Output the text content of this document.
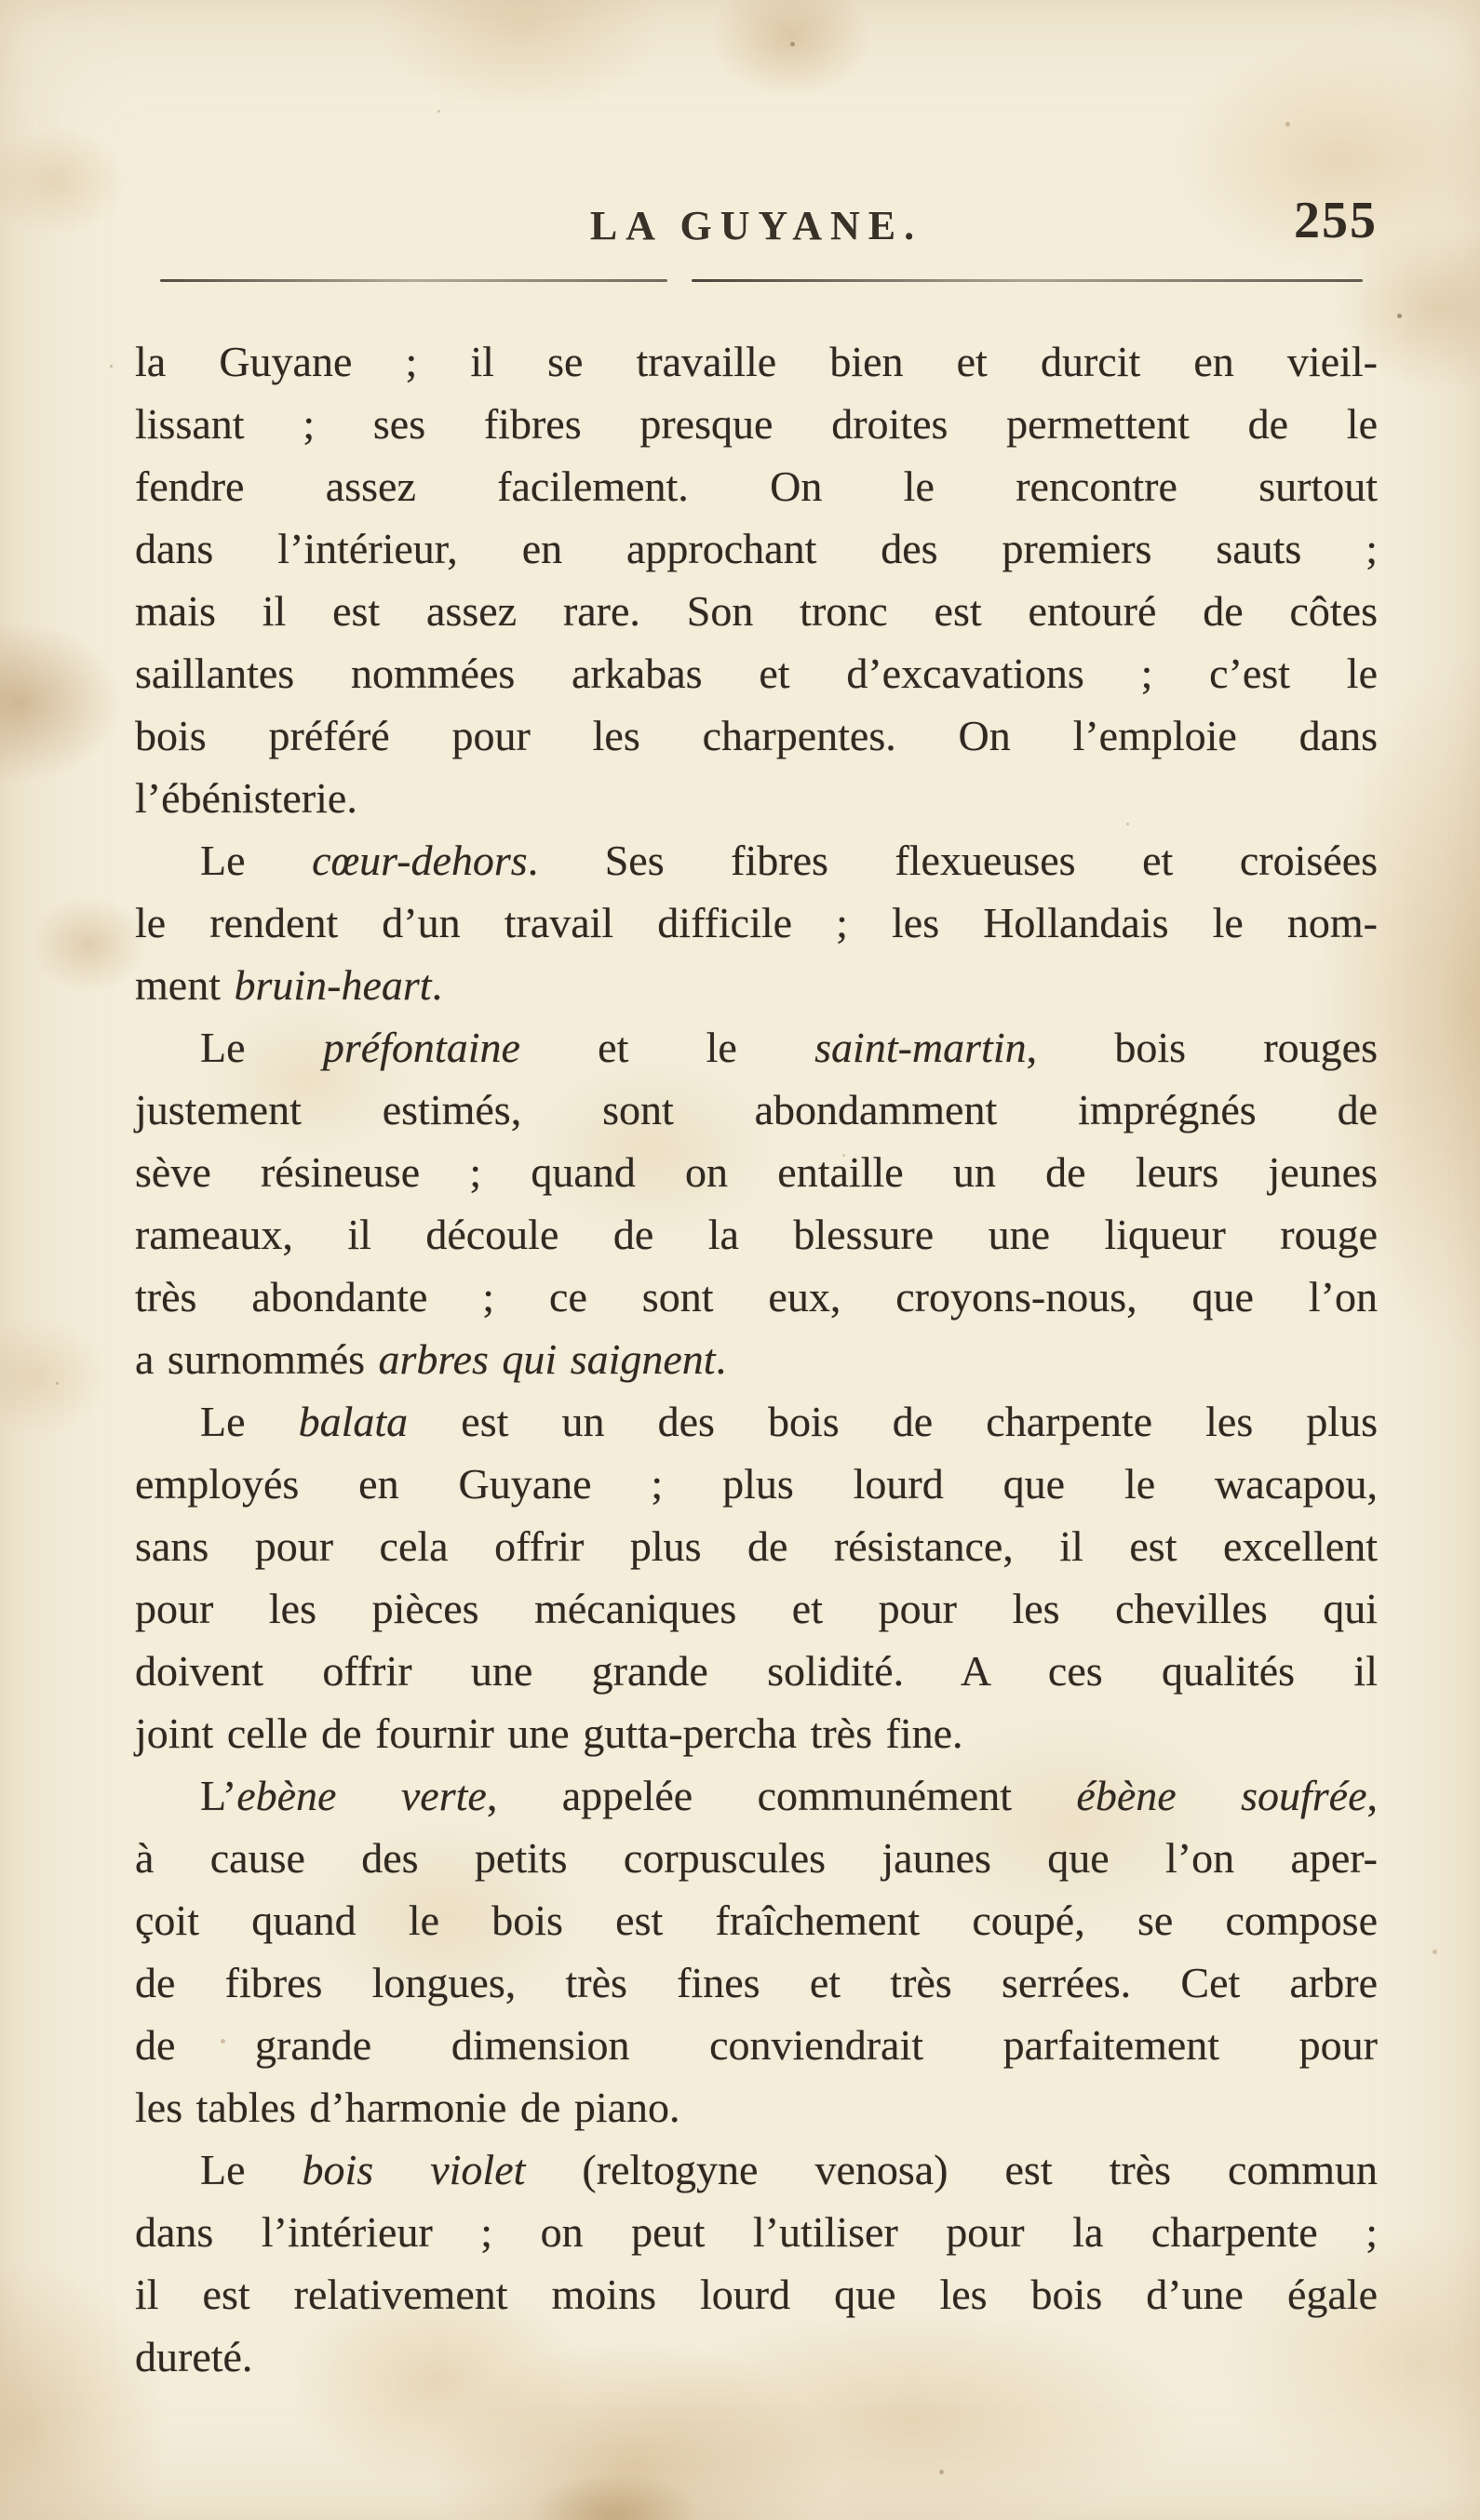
LA GUYANE.	255
la Guyane ; il se travaille bien et durcit en vieil-
lissant ; ses fibres presque droites permettent de le
fendre assez facilement. On le rencontre surtout
dans l’intérieur, en approchant des premiers sauts ;
mais il est assez rare. Son tronc est entouré de côtes
saillantes nommées arkabas et d’excavations ; c’est le
bois préféré pour les charpentes. On l’emploie dans
l’ébénisterie.
Le cœur-dehors. Ses fibres flexueuses et croisées
le rendent d’un travail difficile ; les Hollandais le nom-
ment bruin-heart.
Le préfontaine et le saint-martin, bois rouges
justement estimés, sont abondamment imprégnés de
sève résineuse ; quand on entaille un de leurs jeunes
rameaux, il découle de la blessure une liqueur rouge
très abondante ; ce sont eux, croyons-nous, que l’on
a surnommés arbres qui saignent.
Le balata est un des bois de charpente les plus
employés en Guyane ; plus lourd que le wacapou,
sans pour cela offrir plus de résistance, il est excellent
pour les pièces mécaniques et pour les chevilles qui
doivent offrir une grande solidité. A ces qualités il
joint celle de fournir une gutta-percha très fine.
L’ebène verte, appelée communément ébène soufrée,
à cause des petits corpuscules jaunes que l’on aper-
çoit quand le bois est fraîchement coupé, se compose
de fibres longues, très fines et très serrées. Cet arbre
de grande dimension conviendrait parfaitement pour
les tables d’harmonie de piano.
Le bois violet (reltogyne venosa) est très commun
dans l’intérieur ; on peut l’utiliser pour la charpente ;
il est relativement moins lourd que les bois d’une égale
dureté.
